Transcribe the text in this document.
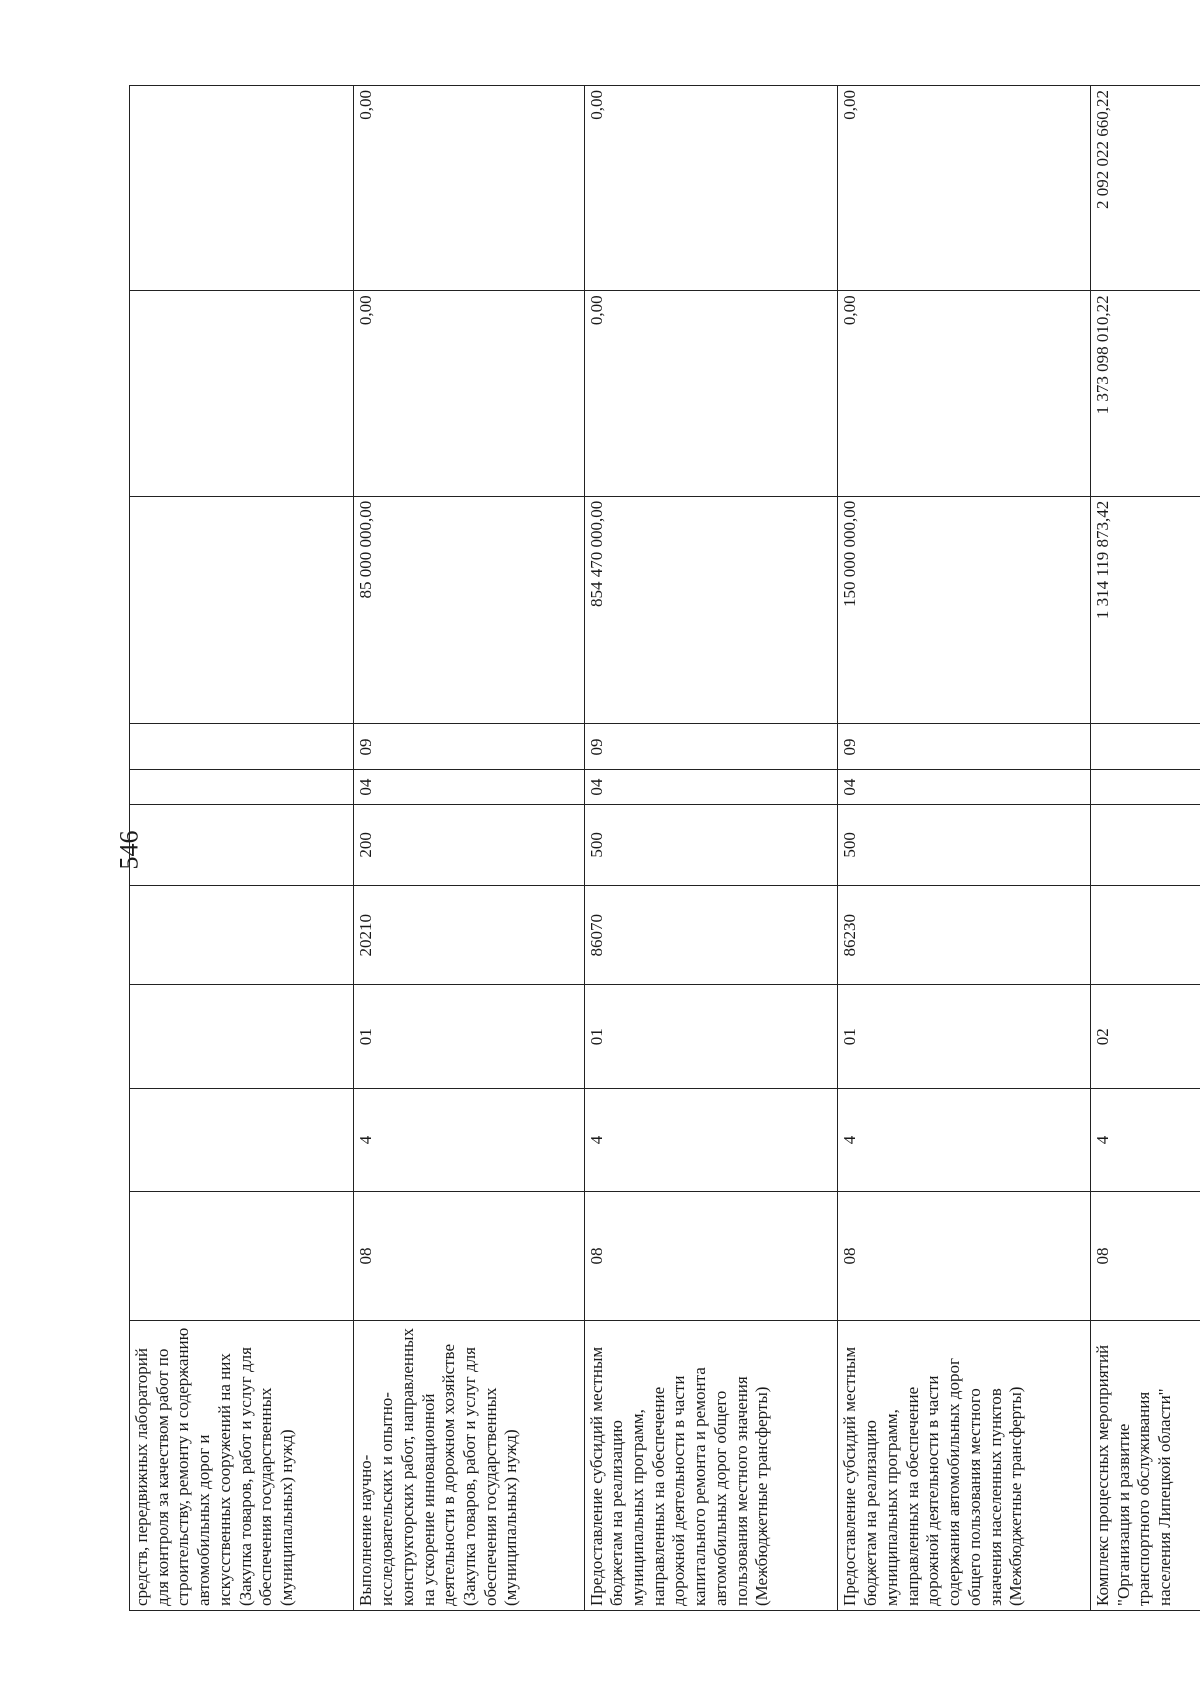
546
средств, передвижных лабораторий для контроля за качеством работ по строительству, ремонту и содержанию автомобильных дорог и искусственных сооружений на них (Закупка товаров, работ и услуг для обеспечения государственных (муниципальных) нужд)										
Выполнение научно-исследовательских и опытно-конструкторских работ, направленных на ускорение инновационной деятельности в дорожном хозяйстве (Закупка товаров, работ и услуг для обеспечения государственных (муниципальных) нужд)	08	4	01	20210	200	04	09	85 000 000,00	0,00	0,00
Предоставление субсидий местным бюджетам на реализацию муниципальных программ, направленных на обеспечение дорожной деятельности в части капитального ремонта и ремонта автомобильных дорог общего пользования местного значения (Межбюджетные трансферты)	08	4	01	86070	500	04	09	854 470 000,00	0,00	0,00
Предоставление субсидий местным бюджетам на реализацию муниципальных программ, направленных на обеспечение дорожной деятельности в части содержания автомобильных дорог общего пользования местного значения населенных пунктов (Межбюджетные трансферты)	08	4	01	86230	500	04	09	150 000 000,00	0,00	0,00
Комплекс процессных мероприятий "Организация и развитие транспортного обслуживания населения Липецкой области"	08	4	02					1 314 119 873,42	1 373 098 010,22	2 092 022 660,22
